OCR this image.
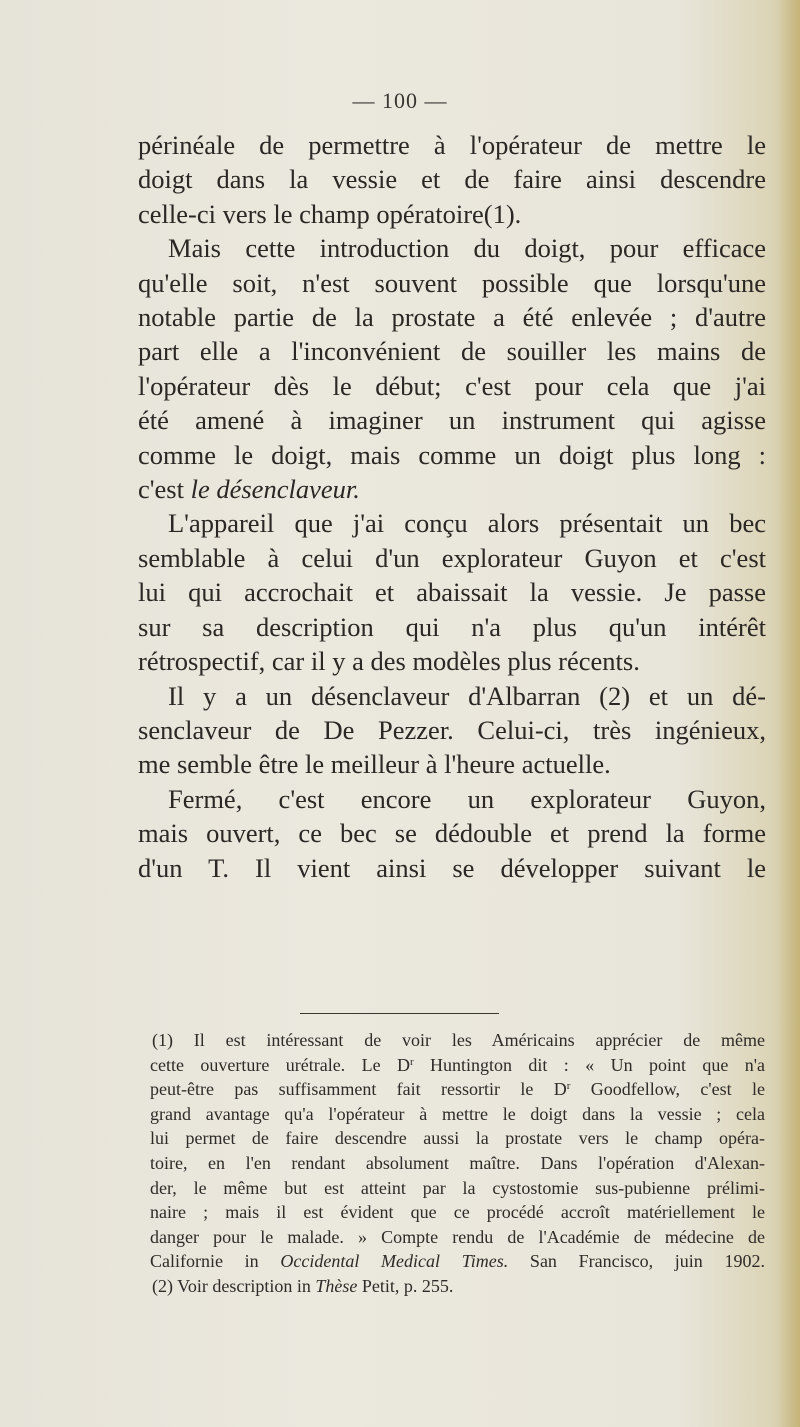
— 100 —
périnéale de permettre à l'opérateur de mettre le
doigt dans la vessie et de faire ainsi descendre
celle-ci vers le champ opératoire(1).
Mais cette introduction du doigt, pour efficace
qu'elle soit, n'est souvent possible que lorsqu'une
notable partie de la prostate a été enlevée ; d'autre
part elle a l'inconvénient de souiller les mains de
l'opérateur dès le début; c'est pour cela que j'ai
été amené à imaginer un instrument qui agisse
comme le doigt, mais comme un doigt plus long :
c'est le désenclaveur.
L'appareil que j'ai conçu alors présentait un bec
semblable à celui d'un explorateur Guyon et c'est
lui qui accrochait et abaissait la vessie. Je passe
sur sa description qui n'a plus qu'un intérêt
rétrospectif, car il y a des modèles plus récents.
Il y a un désenclaveur d'Albarran (2) et un dé-
senclaveur de De Pezzer. Celui-ci, très ingénieux,
me semble être le meilleur à l'heure actuelle.
Fermé, c'est encore un explorateur Guyon,
mais ouvert, ce bec se dédouble et prend la forme
d'un T. Il vient ainsi se développer suivant le
(1) Il est intéressant de voir les Américains apprécier de même
cette ouverture urétrale. Le $D^r$ Huntington dit : « Un point que n'a
peut-être pas suffisamment fait ressortir le $D^r$ Goodfellow, c'est le
grand avantage qu'a l'opérateur à mettre le doigt dans la vessie ; cela
lui permet de faire descendre aussi la prostate vers le champ opéra-
toire, en l'en rendant absolument maître. Dans l'opération d'Alexan-
der, le même but est atteint par la cystostomie sus-pubienne prélimi-
naire ; mais il est évident que ce procédé accroît matériellement le
danger pour le malade. » Compte rendu de l'Académie de médecine de
Californie in Occidental Medical Times. San Francisco, juin 1902.
(2) Voir description in Thèse Petit, p. 255.
